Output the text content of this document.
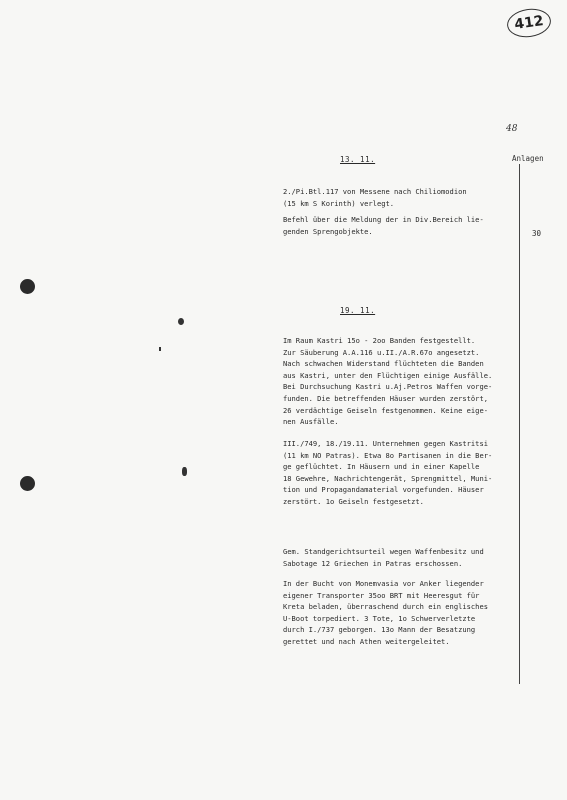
412
48
Anlagen
30
13. 11.
2./Pi.Btl.117 von Messene nach Chiliomodion
(15 km S Korinth) verlegt.
Befehl über die Meldung der in Div.Bereich lie-
genden Sprengobjekte.
19. 11.
Im Raum Kastri 15o - 2oo Banden festgestellt.
Zur Säuberung A.A.116 u.II./A.R.67o angesetzt.
Nach schwachen Widerstand flüchteten die Banden
aus Kastri, unter den Flüchtigen einige Ausfälle.
Bei Durchsuchung Kastri u.Aj.Petros Waffen vorge-
funden. Die betreffenden Häuser wurden zerstört,
26 verdächtige Geiseln festgenommen. Keine eige-
nen Ausfälle.
III./749, 18./19.11. Unternehmen gegen Kastritsi
(11 km NO Patras). Etwa 8o Partisanen in die Ber-
ge geflüchtet. In Häusern und in einer Kapelle
18 Gewehre, Nachrichtengerät, Sprengmittel, Muni-
tion und Propagandamaterial vorgefunden. Häuser
zerstört. 1o Geiseln festgesetzt.
Gem. Standgerichtsurteil wegen Waffenbesitz und
Sabotage 12 Griechen in Patras erschossen.
In der Bucht von Monemvasia vor Anker liegender
eigener Transporter 35oo BRT mit Heeresgut für
Kreta beladen, überraschend durch ein englisches
U-Boot torpediert. 3 Tote, 1o Schwerverletzte
durch I./737 geborgen. 13o Mann der Besatzung
gerettet und nach Athen weitergeleitet.
